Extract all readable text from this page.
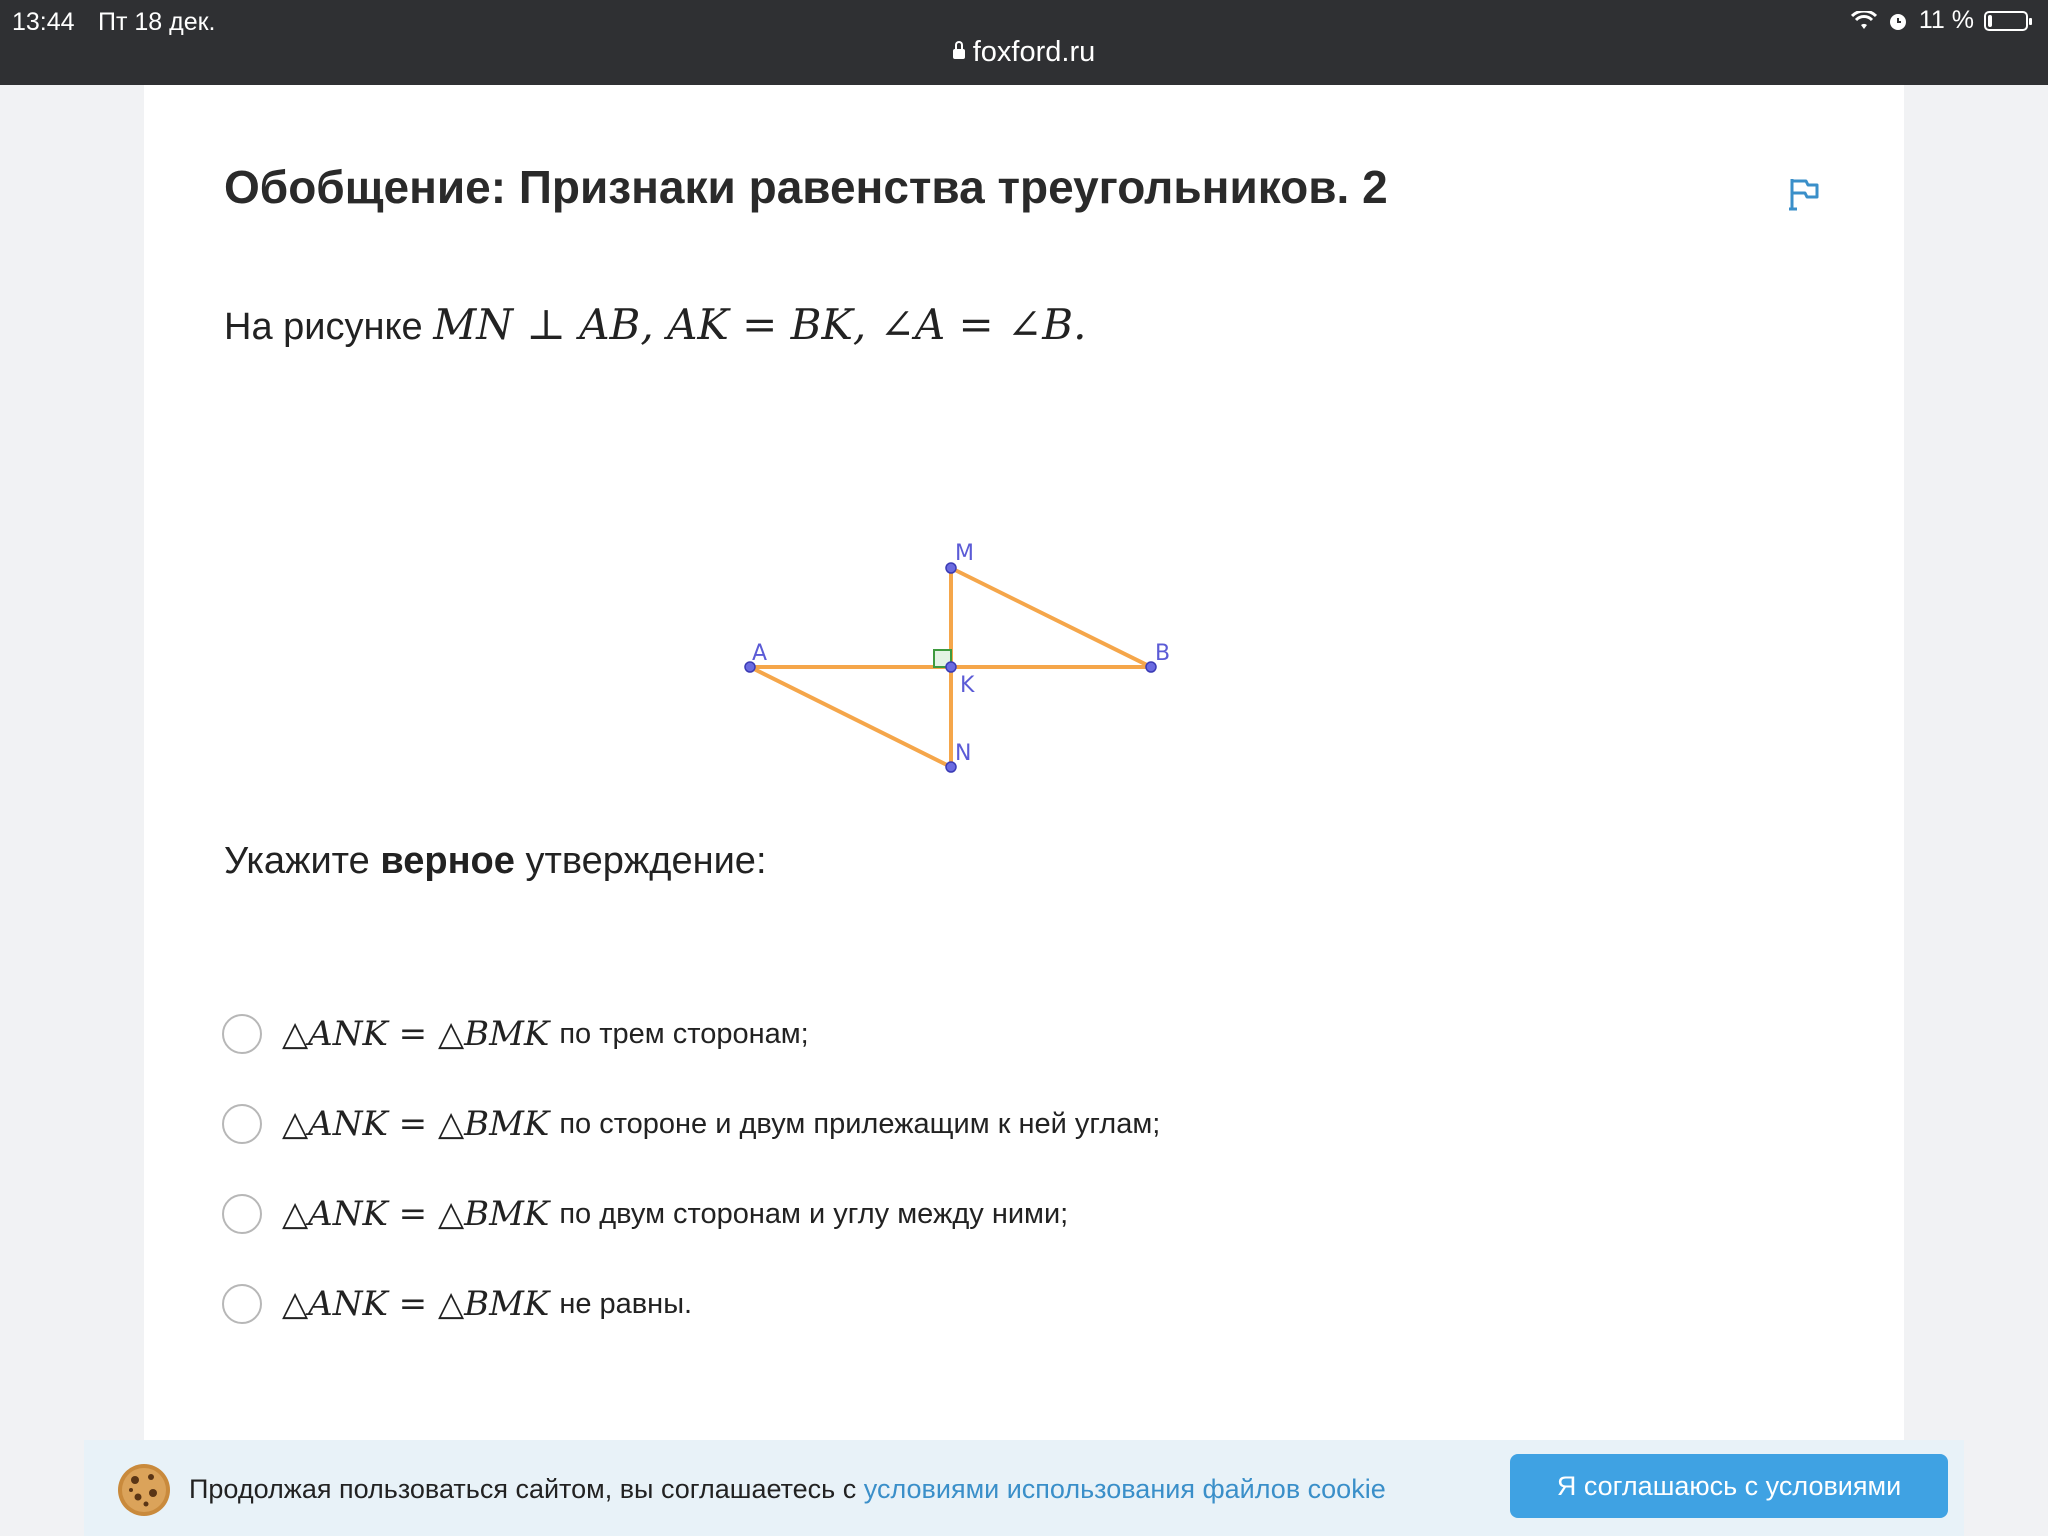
13:44 Пт 18 дек.	11 %
foxford.ru
Обобщение: Признаки равенства треугольников. 2
На рисунке MN ⊥ AB, AK = BK, ∠A = ∠B.
A	B
M
N
K
Укажите верное утверждение:
△ANK = △BMK по трем сторонам;
△ANK = △BMK по стороне и двум прилежащим к ней углам;
△ANK = △BMK по двум сторонам и углу между ними;
△ANK = △BMK не равны.
Продолжая пользоваться сайтом, вы соглашаетесь с условиями использования файлов cookie	Я соглашаюсь с условиями
